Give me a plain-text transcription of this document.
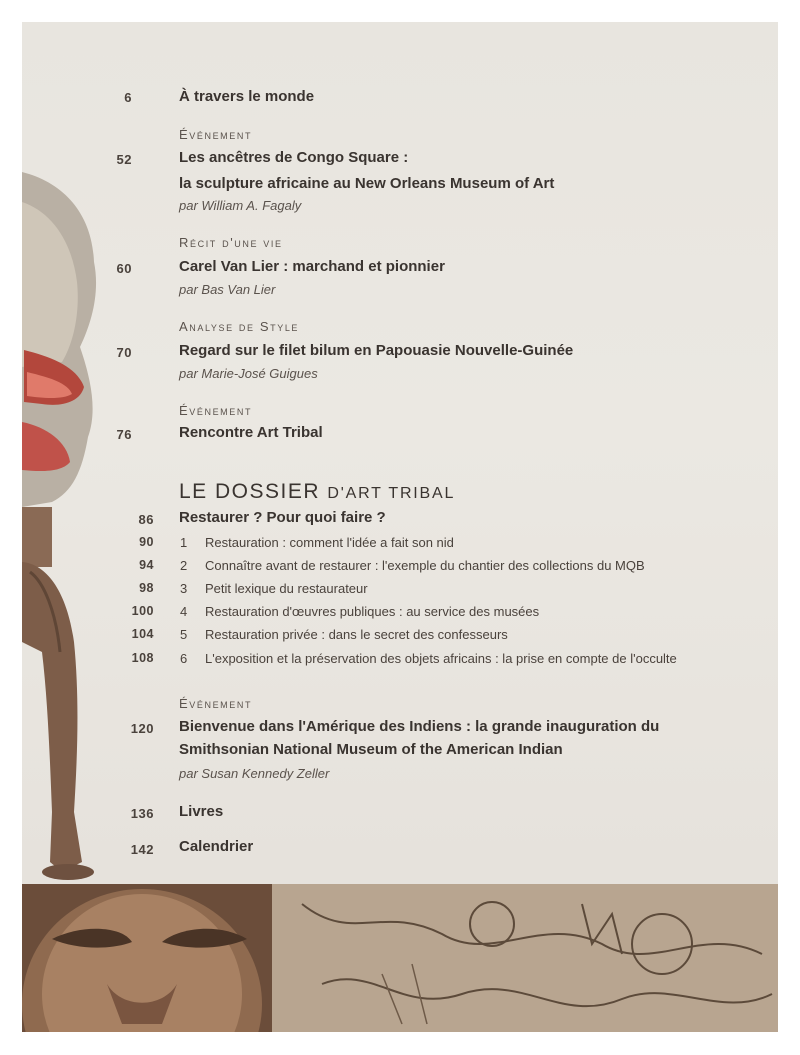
6	À travers le monde
Événement
52	Les ancêtres de Congo Square :
la sculpture africaine au New Orleans Museum of Art
par William A. Fagaly
Récit d'une vie
60	Carel Van Lier : marchand et pionnier
par Bas Van Lier
Analyse de Style
70	Regard sur le filet bilum en Papouasie Nouvelle-Guinée
par Marie-José Guigues
Événement
76	Rencontre Art Tribal
LE DOSSIER D'ART TRIBAL
86 Restaurer ? Pour quoi faire ?
90 1 Restauration : comment l'idée a fait son nid
94 2 Connaître avant de restaurer : l'exemple du chantier des collections du MQB
98 3 Petit lexique du restaurateur
100 4 Restauration d'œuvres publiques : au service des musées
104 5 Restauration privée : dans le secret des confesseurs
108 6 L'exposition et la préservation des objets africains : la prise en compte de l'occulte
Événement
120 Bienvenue dans l'Amérique des Indiens : la grande inauguration du
Smithsonian National Museum of the American Indian
par Susan Kennedy Zeller
136 Livres
142 Calendrier
